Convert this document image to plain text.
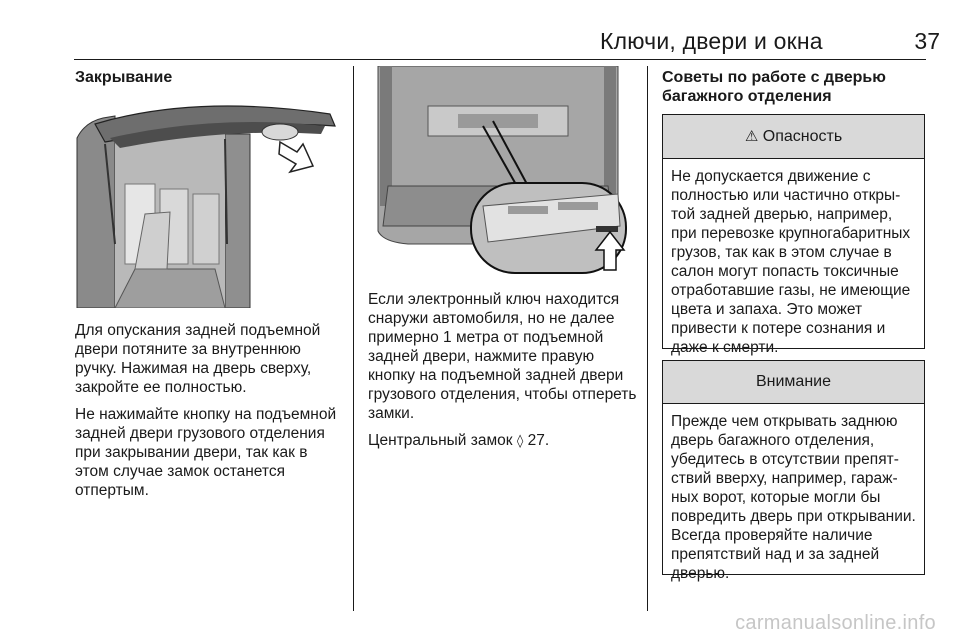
Ключи, двери и окна	37
Закрывание

Для опускания задней подъемной двери потяните за внутреннюю ручку. Нажимая на дверь сверху, закройте ее полностью.

Не нажимайте кнопку на подъемной задней двери грузового отделения при закрывании двери, так как в этом случае замок останется отпертым.

Если электронный ключ находится снаружи автомобиля, но не далее примерно 1 метра от подъемной задней двери, нажмите правую кнопку на подъемной задней двери грузового отделения, чтобы отпереть замки.

Центральный замок ◊ 27.

Советы по работе с дверью багажного отделения
⚠ Опасность
Не допускается движение с полностью или частично открытой задней дверью, например, при перевозке крупногабаритных грузов, так как в этом случае в салон могут попасть токсичные отработавшие газы, не имеющие цвета и запаха. Это может привести к потере сознания и даже к смерти.
Внимание
Прежде чем открывать заднюю дверь багажного отделения, убедитесь в отсутствии препятствий вверху, например, гаражных ворот, которые могли бы повредить дверь при открывании. Всегда проверяйте наличие препятствий над и за задней дверью.
carmanualsonline.info
